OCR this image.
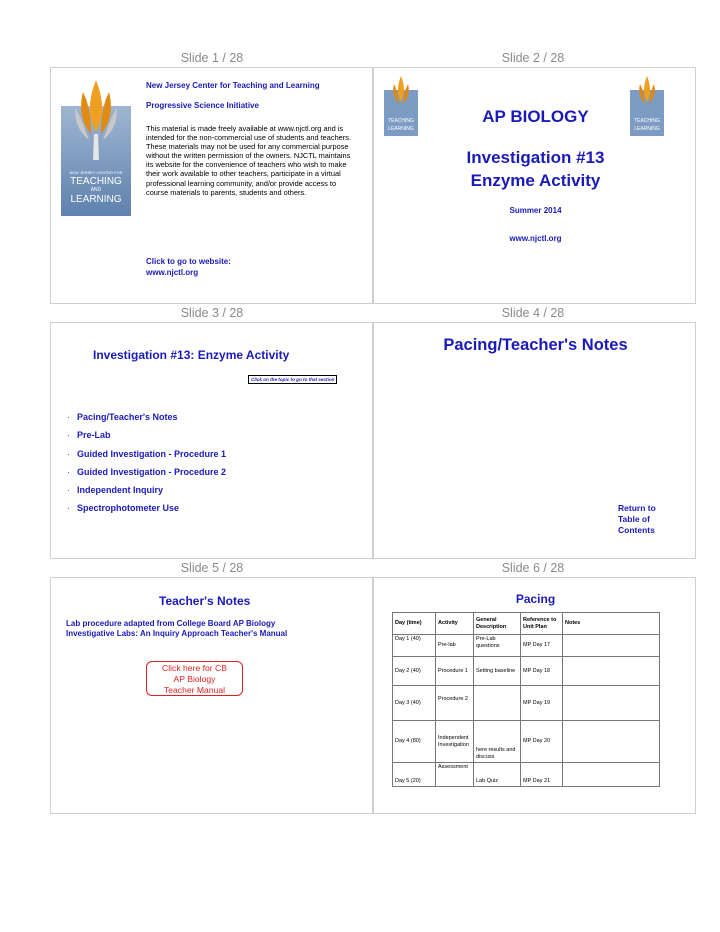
Slide 1 / 28	Slide 2 / 28
Slide 3 / 28	Slide 4 / 28
Slide 5 / 28	Slide 6 / 28
NEW JERSEY CENTER FOR
TEACHING
AND
LEARNING
New Jersey Center for Teaching and Learning
Progressive Science Initiative
This material is made freely available at www.njctl.org and is intended for the non-commercial use of students and teachers. These materials may not be used for any commercial purpose without the written permission of the owners. NJCTL maintains its website for the convenience of teachers who wish to make their work available to other teachers, participate in a virtual professional learning community, and/or provide access to course materials to parents, students and others.
Click to go to website:
www.njctl.org
TEACHING
LEARNING
TEACHING
LEARNING
AP BIOLOGY
Investigation #13
Enzyme Activity
Summer 2014
www.njctl.org
Investigation #13: Enzyme Activity
Click on the topic to go to that section
· Pacing/Teacher's Notes
· Pre-Lab
· Guided Investigation - Procedure 1
· Guided Investigation - Procedure 2
· Independent Inquiry
· Spectrophotometer Use
Pacing/Teacher's Notes
Return to
Table of
Contents
Teacher's Notes
Lab procedure adapted from College Board AP Biology
Investigative Labs: An Inquiry Approach Teacher's Manual
Click here for CB
AP Biology
Teacher Manual
Pacing
Day (time)	Activity	General Description	Reference to Unit Plan	Notes
Day 1 (40)	Pre-lab	Pre-Lab questions	MP Day 17	
Day 2 (40)	Procedure 1	Setting baseline	MP Day 18	
Day 3 (40)	Procedure 2		MP Day 19	
Day 4 (80)	Independent Investigation	here results and discuss	MP Day 20	
Day 5 (20)	Assessment	Lab Quiz	MP Day 21	
